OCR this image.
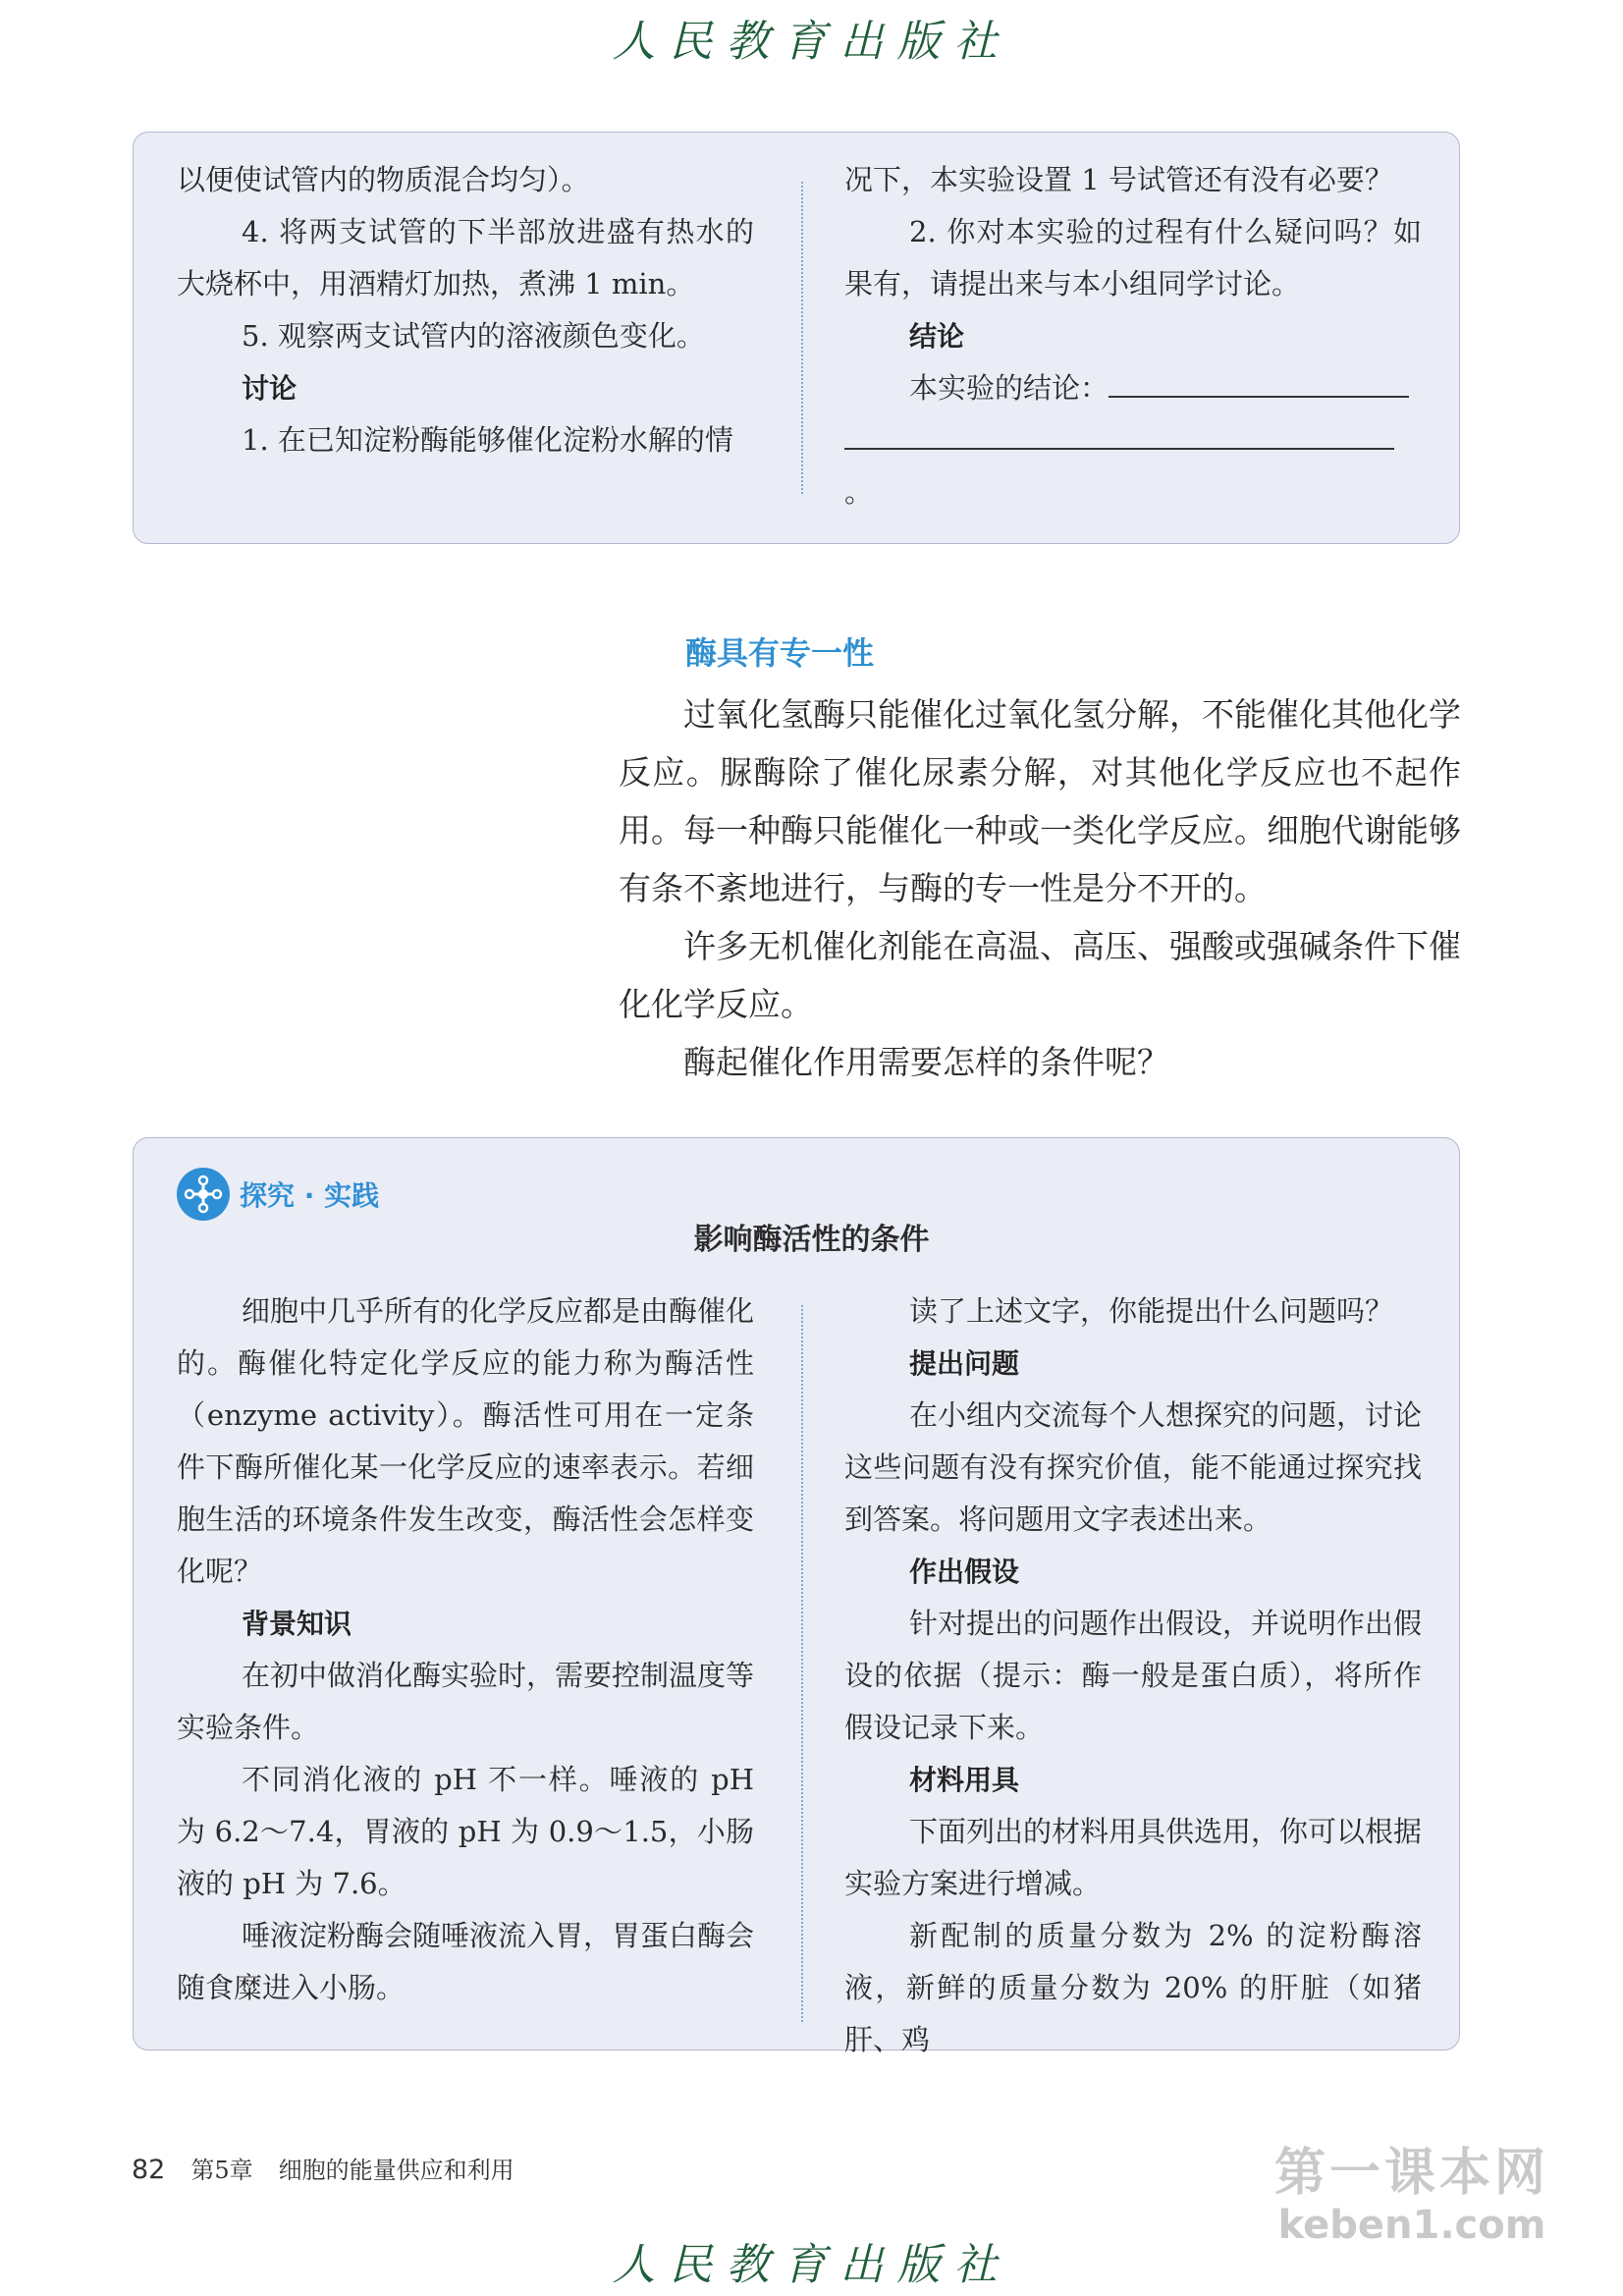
人民教育出版社

以便使试管内的物质混合均匀）。

4. 将两支试管的下半部放进盛有热水的大烧杯中，用酒精灯加热，煮沸 1 min。

5. 观察两支试管内的溶液颜色变化。

讨论

1. 在已知淀粉酶能够催化淀粉水解的情

况下，本实验设置 1 号试管还有没有必要？

2. 你对本实验的过程有什么疑问吗？如果有，请提出来与本小组同学讨论。

结论

本实验的结论：

。

酶具有专一性

过氧化氢酶只能催化过氧化氢分解，不能催化其他化学反应。脲酶除了催化尿素分解，对其他化学反应也不起作用。每一种酶只能催化一种或一类化学反应。细胞代谢能够有条不紊地进行，与酶的专一性是分不开的。

许多无机催化剂能在高温、高压、强酸或强碱条件下催化化学反应。

酶起催化作用需要怎样的条件呢？

细胞中几乎所有的化学反应都是由酶催化的。酶催化特定化学反应的能力称为酶活性（enzyme activity）。酶活性可用在一定条件下酶所催化某一化学反应的速率表示。若细胞生活的环境条件发生改变，酶活性会怎样变化呢？

背景知识

在初中做消化酶实验时，需要控制温度等实验条件。

不同消化液的 pH 不一样。唾液的 pH 为 6.2～7.4，胃液的 pH 为 0.9～1.5，小肠液的 pH 为 7.6。

唾液淀粉酶会随唾液流入胃，胃蛋白酶会随食糜进入小肠。

读了上述文字，你能提出什么问题吗？

提出问题

在小组内交流每个人想探究的问题，讨论这些问题有没有探究价值，能不能通过探究找到答案。将问题用文字表述出来。

作出假设

针对提出的问题作出假设，并说明作出假设的依据（提示：酶一般是蛋白质），将所作假设记录下来。

材料用具

下面列出的材料用具供选用，你可以根据实验方案进行增减。

新配制的质量分数为 2% 的淀粉酶溶液，新鲜的质量分数为 20% 的肝脏（如猪肝、鸡

探究 · 实践
影响酶活性的条件
82 第5章 细胞的能量供应和利用	第一课本网
keben1.com
人民教育出版社
